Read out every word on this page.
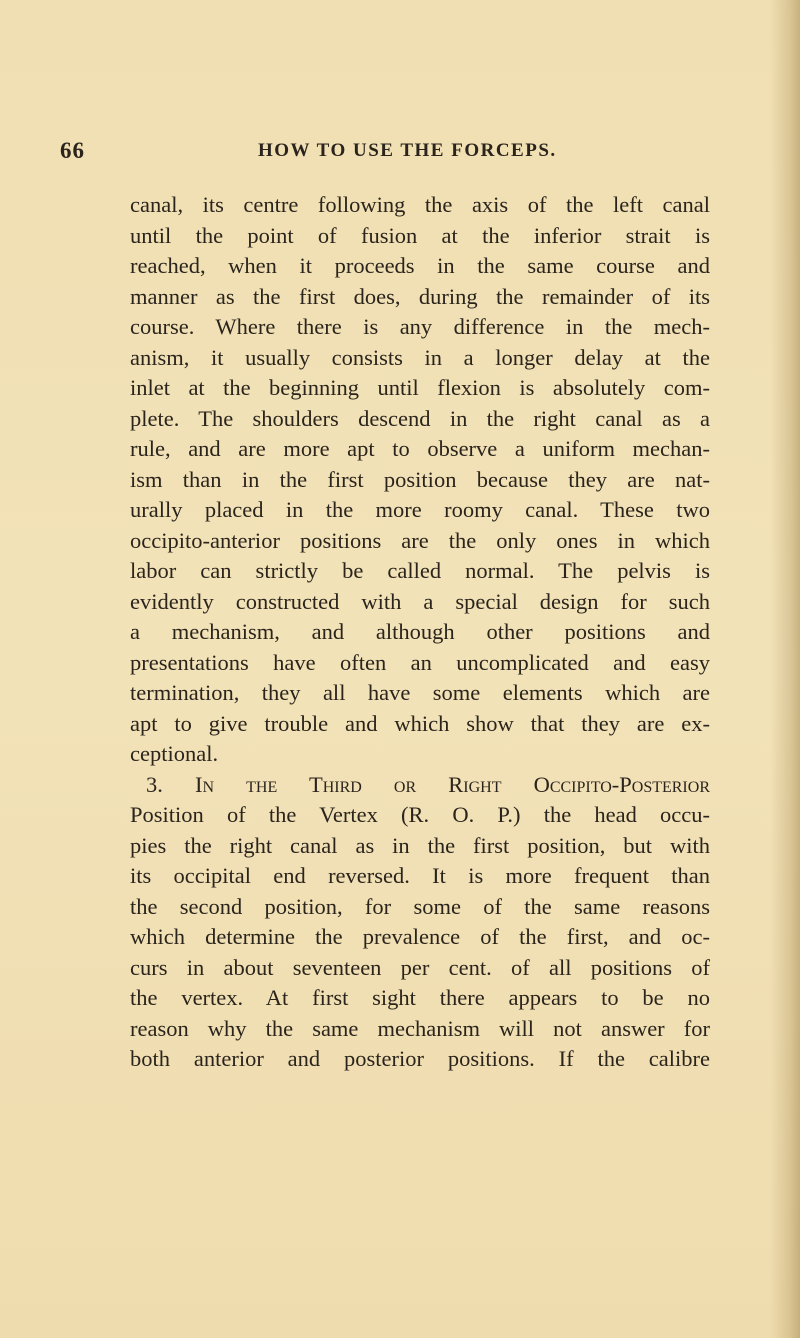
66	HOW TO USE THE FORCEPS.
canal, its centre following the axis of the left canal
until the point of fusion at the inferior strait is
reached, when it proceeds in the same course and
manner as the first does, during the remainder of its
course. Where there is any difference in the mech-
anism, it usually consists in a longer delay at the
inlet at the beginning until flexion is absolutely com-
plete. The shoulders descend in the right canal as a
rule, and are more apt to observe a uniform mechan-
ism than in the first position because they are nat-
urally placed in the more roomy canal. These two
occipito-anterior positions are the only ones in which
labor can strictly be called normal. The pelvis is
evidently constructed with a special design for such
a mechanism, and although other positions and
presentations have often an uncomplicated and easy
termination, they all have some elements which are
apt to give trouble and which show that they are ex-
ceptional.
3. In the Third or Right Occipito-Posterior
Position of the Vertex (R. O. P.) the head occu-
pies the right canal as in the first position, but with
its occipital end reversed. It is more frequent than
the second position, for some of the same reasons
which determine the prevalence of the first, and oc-
curs in about seventeen per cent. of all positions of
the vertex. At first sight there appears to be no
reason why the same mechanism will not answer for
both anterior and posterior positions. If the calibre
